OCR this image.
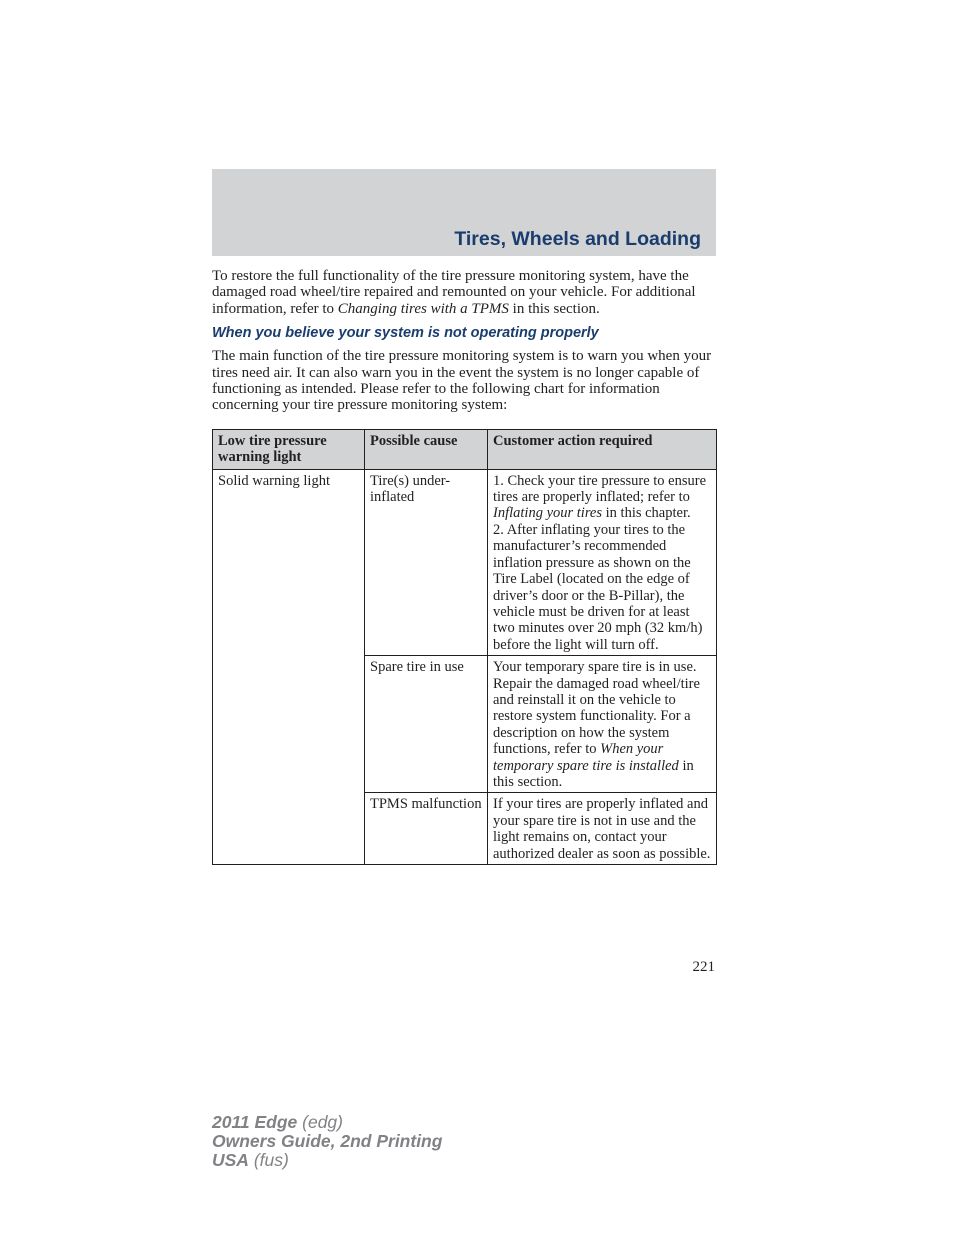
Tires, Wheels and Loading

To restore the full functionality of the tire pressure monitoring system, have the damaged road wheel/tire repaired and remounted on your vehicle. For additional information, refer to Changing tires with a TPMS in this section.

When you believe your system is not operating properly

The main function of the tire pressure monitoring system is to warn you when your tires need air. It can also warn you in the event the system is no longer capable of functioning as intended. Please refer to the following chart for information concerning your tire pressure monitoring system:

Low tire pressure warning light	Possible cause	Customer action required
Solid warning light	Tire(s) under-inflated	1. Check your tire pressure to ensure tires are properly inflated; refer to Inflating your tires in this chapter.
2. After inflating your tires to the manufacturer’s recommended inflation pressure as shown on the Tire Label (located on the edge of driver’s door or the B-Pillar), the vehicle must be driven for at least two minutes over 20 mph (32 km/h) before the light will turn off.
	Spare tire in use	Your temporary spare tire is in use. Repair the damaged road wheel/tire and reinstall it on the vehicle to restore system functionality. For a description on how the system functions, refer to When your temporary spare tire is installed in this section.
	TPMS malfunction	If your tires are properly inflated and your spare tire is not in use and the light remains on, contact your authorized dealer as soon as possible.

221

2011 Edge (edg)
Owners Guide, 2nd Printing
USA (fus)
